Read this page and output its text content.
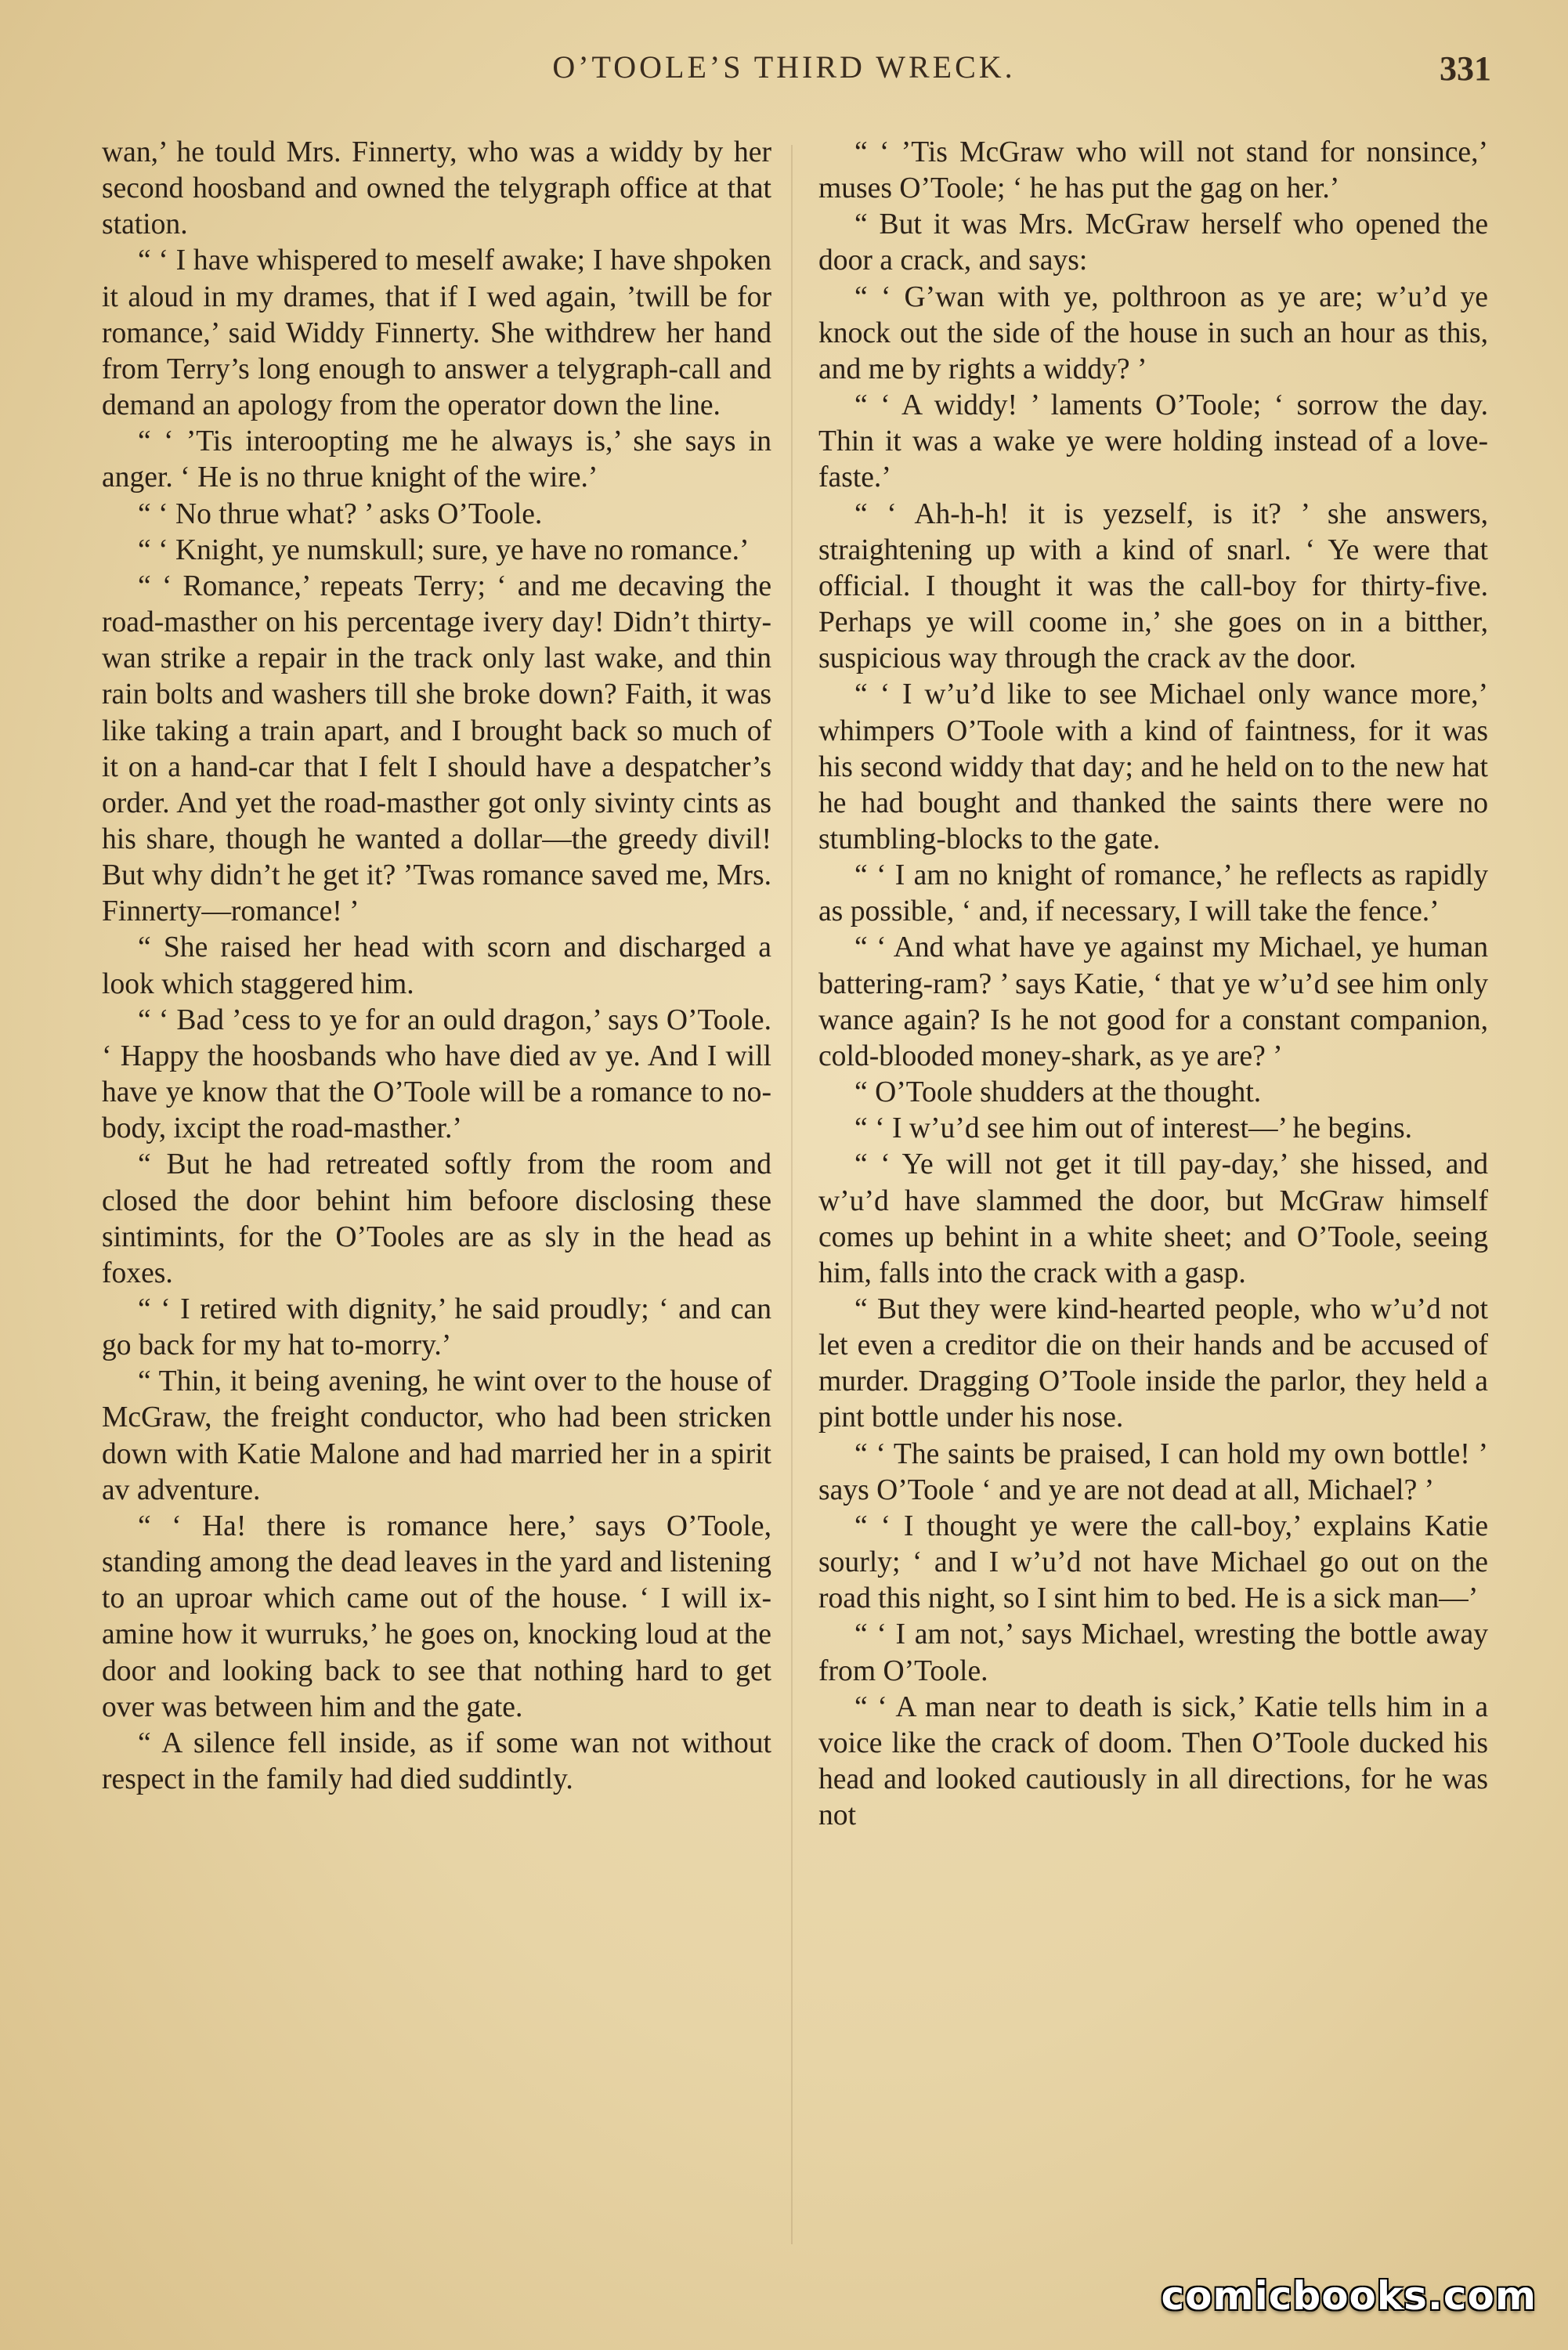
O’TOOLE’S THIRD WRECK.	331

wan,’ he tould Mrs. Finnerty, who was a widdy by her second hoosband and owned the telygraph office at that station.

“ ‘ I have whispered to meself awake; I have shpoken it aloud in my drames, that if I wed again, ’twill be for romance,’ said Widdy Finnerty. She withdrew her hand from Terry’s long enough to answer a telygraph-call and demand an apology from the operator down the line.

“ ‘ ’Tis interoopting me he always is,’ she says in anger. ‘ He is no thrue knight of the wire.’

“ ‘ No thrue what? ’ asks O’Toole.

“ ‘ Knight, ye numskull; sure, ye have no romance.’

“ ‘ Romance,’ repeats Terry; ‘ and me decaving the road-masther on his percentage ivery day! Didn’t thirty-wan strike a repair in the track only last wake, and thin rain bolts and washers till she broke down? Faith, it was like taking a train apart, and I brought back so much of it on a hand-car that I felt I should have a despatcher’s order. And yet the road-masther got only sivinty cints as his share, though he wanted a dollar—the greedy divil! But why didn’t he get it? ’Twas romance saved me, Mrs. Finnerty—romance! ’

“ She raised her head with scorn and discharged a look which staggered him.

“ ‘ Bad ’cess to ye for an ould dragon,’ says O’Toole. ‘ Happy the hoosbands who have died av ye. And I will have ye know that the O’Toole will be a romance to nobody, ixcipt the road-masther.’

“ But he had retreated softly from the room and closed the door behint him befoore disclosing these sintimints, for the O’Tooles are as sly in the head as foxes.

“ ‘ I retired with dignity,’ he said proudly; ‘ and can go back for my hat to-morry.’

“ Thin, it being avening, he wint over to the house of McGraw, the freight conductor, who had been stricken down with Katie Malone and had married her in a spirit av adventure.

“ ‘ Ha! there is romance here,’ says O’Toole, standing among the dead leaves in the yard and listening to an uproar which came out of the house. ‘ I will ixamine how it wurruks,’ he goes on, knocking loud at the door and looking back to see that nothing hard to get over was between him and the gate.

“ A silence fell inside, as if some wan not without respect in the family had died suddintly.

“ ‘ ’Tis McGraw who will not stand for nonsince,’ muses O’Toole; ‘ he has put the gag on her.’

“ But it was Mrs. McGraw herself who opened the door a crack, and says:

“ ‘ G’wan with ye, polthroon as ye are; w’u’d ye knock out the side of the house in such an hour as this, and me by rights a widdy? ’

“ ‘ A widdy! ’ laments O’Toole; ‘ sorrow the day. Thin it was a wake ye were holding instead of a love-faste.’

“ ‘ Ah-h-h! it is yezself, is it? ’ she answers, straightening up with a kind of snarl. ‘ Ye were that official. I thought it was the call-boy for thirty-five. Perhaps ye will coome in,’ she goes on in a bitther, suspicious way through the crack av the door.

“ ‘ I w’u’d like to see Michael only wance more,’ whimpers O’Toole with a kind of faintness, for it was his second widdy that day; and he held on to the new hat he had bought and thanked the saints there were no stumbling-blocks to the gate.

“ ‘ I am no knight of romance,’ he reflects as rapidly as possible, ‘ and, if necessary, I will take the fence.’

“ ‘ And what have ye against my Michael, ye human battering-ram? ’ says Katie, ‘ that ye w’u’d see him only wance again? Is he not good for a constant companion, cold-blooded money-shark, as ye are? ’

“ O’Toole shudders at the thought.

“ ‘ I w’u’d see him out of interest—’ he begins.

“ ‘ Ye will not get it till pay-day,’ she hissed, and w’u’d have slammed the door, but McGraw himself comes up behint in a white sheet; and O’Toole, seeing him, falls into the crack with a gasp.

“ But they were kind-hearted people, who w’u’d not let even a creditor die on their hands and be accused of murder. Dragging O’Toole inside the parlor, they held a pint bottle under his nose.

“ ‘ The saints be praised, I can hold my own bottle! ’ says O’Toole ‘ and ye are not dead at all, Michael? ’

“ ‘ I thought ye were the call-boy,’ explains Katie sourly; ‘ and I w’u’d not have Michael go out on the road this night, so I sint him to bed. He is a sick man—’

“ ‘ I am not,’ says Michael, wresting the bottle away from O’Toole.

“ ‘ A man near to death is sick,’ Katie tells him in a voice like the crack of doom. Then O’Toole ducked his head and looked cautiously in all directions, for he was not

comicbooks.com
